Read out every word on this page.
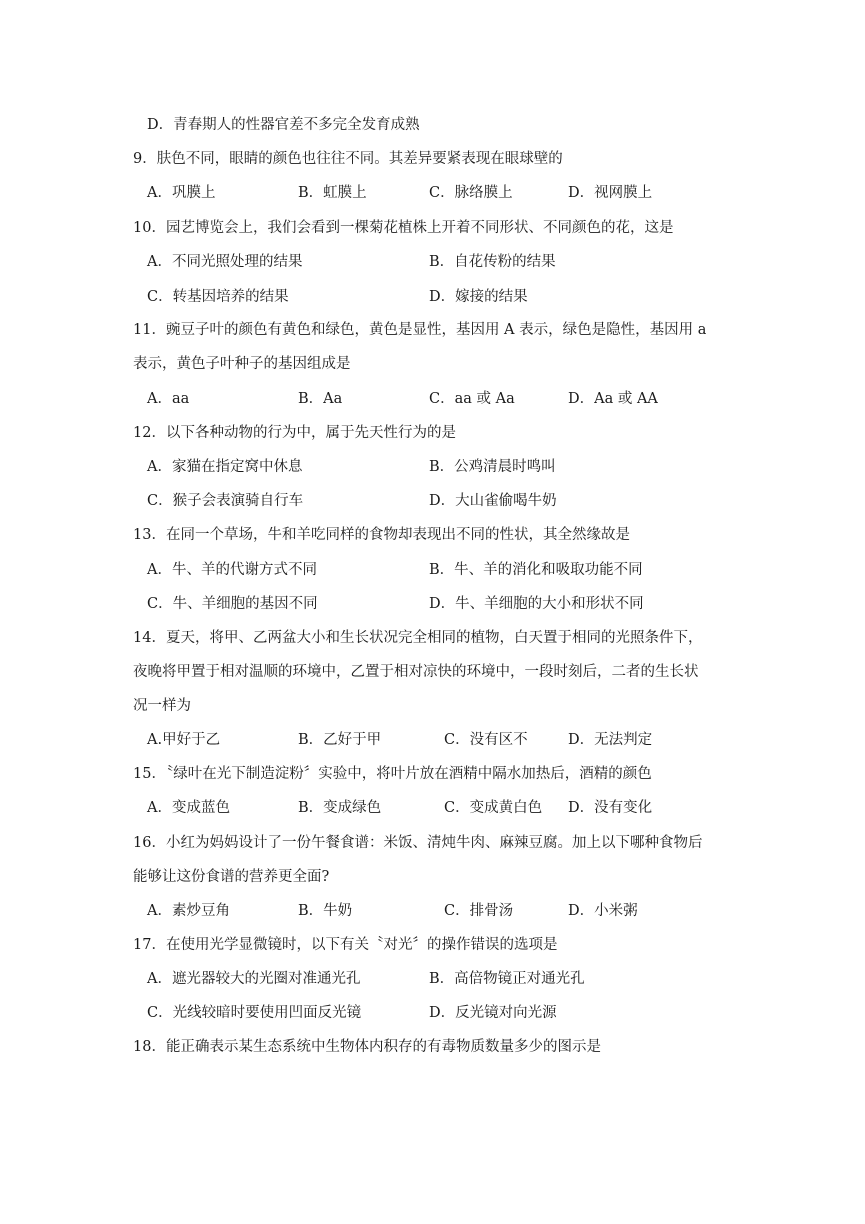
D．青春期人的性器官差不多完全发育成熟
9．肤色不同，眼睛的颜色也往往不同。其差异要紧表现在眼球壁的
A．巩膜上	B．虹膜上	C．脉络膜上	D．视网膜上
10．园艺博览会上，我们会看到一棵菊花植株上开着不同形状、不同颜色的花，这是
A．不同光照处理的结果	B．自花传粉的结果
C．转基因培养的结果	D．嫁接的结果
11．豌豆子叶的颜色有黄色和绿色，黄色是显性，基因用 A 表示，绿色是隐性，基因用 a
表示，黄色子叶种子的基因组成是
A．aa	B．Aa	C．aa 或 Aa	D．Aa 或 AA
12．以下各种动物的行为中，属于先天性行为的是
A．家猫在指定窝中休息	B．公鸡清晨时鸣叫
C．猴子会表演骑自行车	D．大山雀偷喝牛奶
13．在同一个草场，牛和羊吃同样的食物却表现出不同的性状，其全然缘故是
A．牛、羊的代谢方式不同	B．牛、羊的消化和吸取功能不同
C．牛、羊细胞的基因不同	D．牛、羊细胞的大小和形状不同
14．夏天，将甲、乙两盆大小和生长状况完全相同的植物，白天置于相同的光照条件下，
夜晚将甲置于相对温顺的环境中，乙置于相对凉快的环境中，一段时刻后，二者的生长状
况一样为
A.甲好于乙	B．乙好于甲	C．没有区不	D．无法判定
15．〝绿叶在光下制造淀粉〞实验中，将叶片放在酒精中隔水加热后，酒精的颜色
A．变成蓝色	B．变成绿色	C．变成黄白色 D．没有变化
16．小红为妈妈设计了一份午餐食谱：米饭、清炖牛肉、麻辣豆腐。加上以下哪种食物后
能够让这份食谱的营养更全面?
A．素炒豆角	B．牛奶	C．排骨汤	D．小米粥
17．在使用光学显微镜时，以下有关〝对光〞的操作错误的选项是
A．遮光器较大的光圈对准通光孔	B．高倍物镜正对通光孔
C．光线较暗时要使用凹面反光镜	D．反光镜对向光源
18．能正确表示某生态系统中生物体内积存的有毒物质数量多少的图示是
